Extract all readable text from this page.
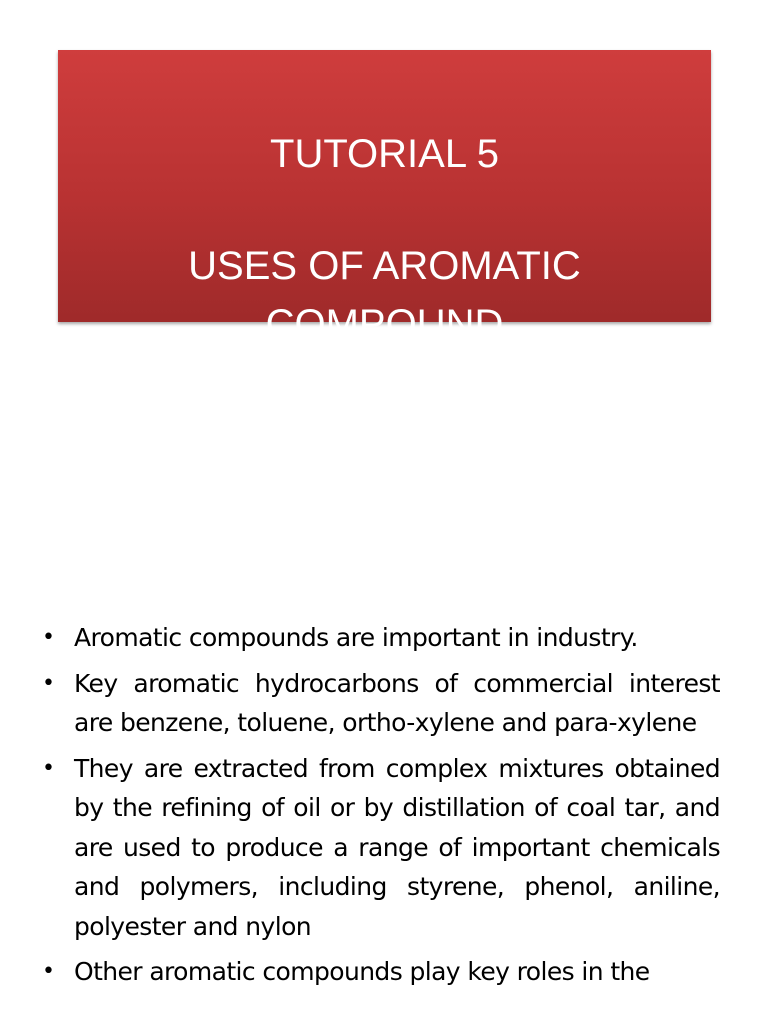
TUTORIAL 5

USES OF AROMATIC

COMPOUND

• Aromatic compounds are important in industry.
• Key aromatic hydrocarbons of commercial interest are benzene, toluene, ortho-xylene and para-xylene
• They are extracted from complex mixtures obtained by the refining of oil or by distillation of coal tar, and are used to produce a range of important chemicals and polymers, including styrene, phenol, aniline, polyester and nylon
• Other aromatic compounds play key roles in the
